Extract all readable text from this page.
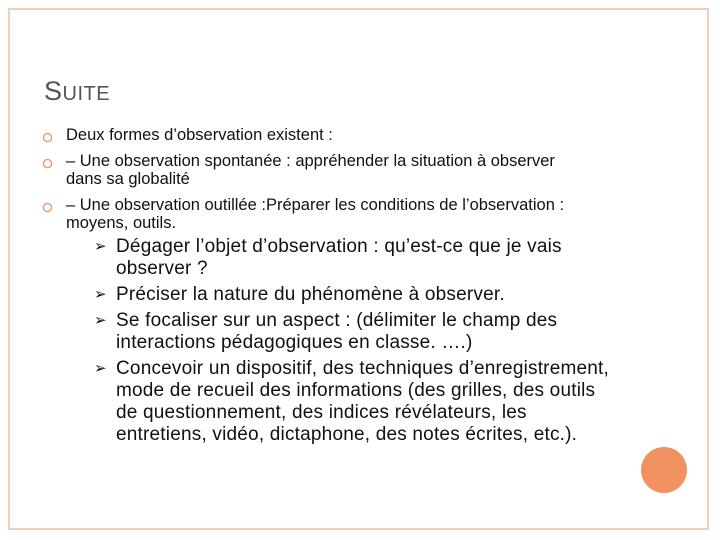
SUITE
Deux formes d’observation existent :
– Une observation spontanée : appréhender la situation à observer dans sa globalité
– Une observation outillée :Préparer les conditions de l’observation : moyens, outils.
➢ Dégager l’objet d’observation : qu’est-ce que je vais observer ?
➢ Préciser la nature du phénomène à observer.
➢ Se focaliser sur un aspect : (délimiter le champ des interactions pédagogiques en classe. ….)
➢ Concevoir un dispositif, des techniques d’enregistrement, mode de recueil des informations (des grilles, des outils de questionnement, des indices révélateurs, les entretiens, vidéo, dictaphone, des notes écrites, etc.).
